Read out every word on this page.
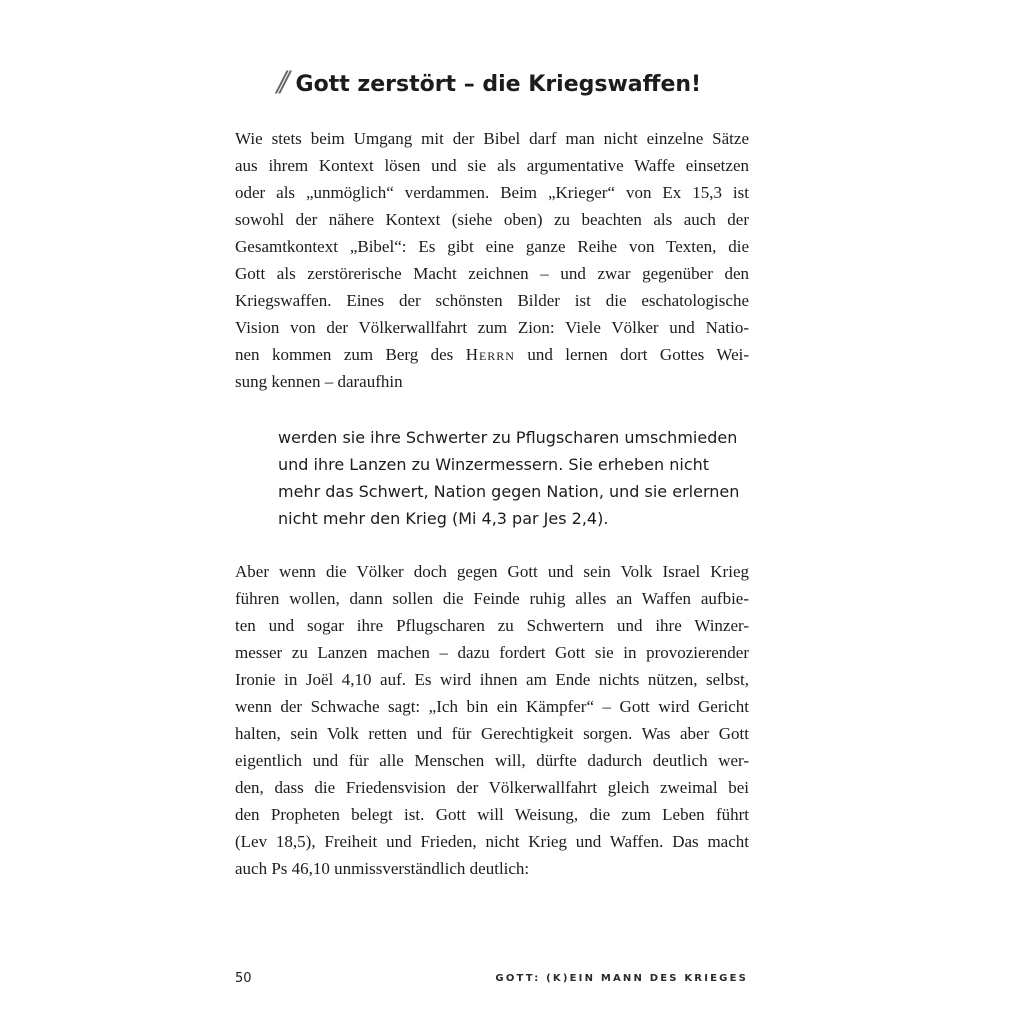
// Gott zerstört – die Kriegswaffen!
Wie stets beim Umgang mit der Bibel darf man nicht einzelne Sätze
aus ihrem Kontext lösen und sie als argumentative Waffe einsetzen
oder als „unmöglich“ verdammen. Beim „Krieger“ von Ex 15,3 ist
sowohl der nähere Kontext (siehe oben) zu beachten als auch der
Gesamtkontext „Bibel“: Es gibt eine ganze Reihe von Texten, die
Gott als zerstörerische Macht zeichnen – und zwar gegenüber den
Kriegswaffen. Eines der schönsten Bilder ist die eschatologische
Vision von der Völkerwallfahrt zum Zion: Viele Völker und Natio-
nen kommen zum Berg des Herrn und lernen dort Gottes Wei-
sung kennen – daraufhin
werden sie ihre Schwerter zu Pflugscharen umschmieden
und ihre Lanzen zu Winzermessern. Sie erheben nicht
mehr das Schwert, Nation gegen Nation, und sie erlernen
nicht mehr den Krieg (Mi 4,3 par Jes 2,4).
Aber wenn die Völker doch gegen Gott und sein Volk Israel Krieg
führen wollen, dann sollen die Feinde ruhig alles an Waffen aufbie-
ten und sogar ihre Pflugscharen zu Schwertern und ihre Winzer-
messer zu Lanzen machen – dazu fordert Gott sie in provozierender
Ironie in Joël 4,10 auf. Es wird ihnen am Ende nichts nützen, selbst,
wenn der Schwache sagt: „Ich bin ein Kämpfer“ – Gott wird Gericht
halten, sein Volk retten und für Gerechtigkeit sorgen. Was aber Gott
eigentlich und für alle Menschen will, dürfte dadurch deutlich wer-
den, dass die Friedensvision der Völkerwallfahrt gleich zweimal bei
den Propheten belegt ist. Gott will Weisung, die zum Leben führt
(Lev 18,5), Freiheit und Frieden, nicht Krieg und Waffen. Das macht
auch Ps 46,10 unmissverständlich deutlich:
50	GOTT: (K)EIN MANN DES KRIEGES
